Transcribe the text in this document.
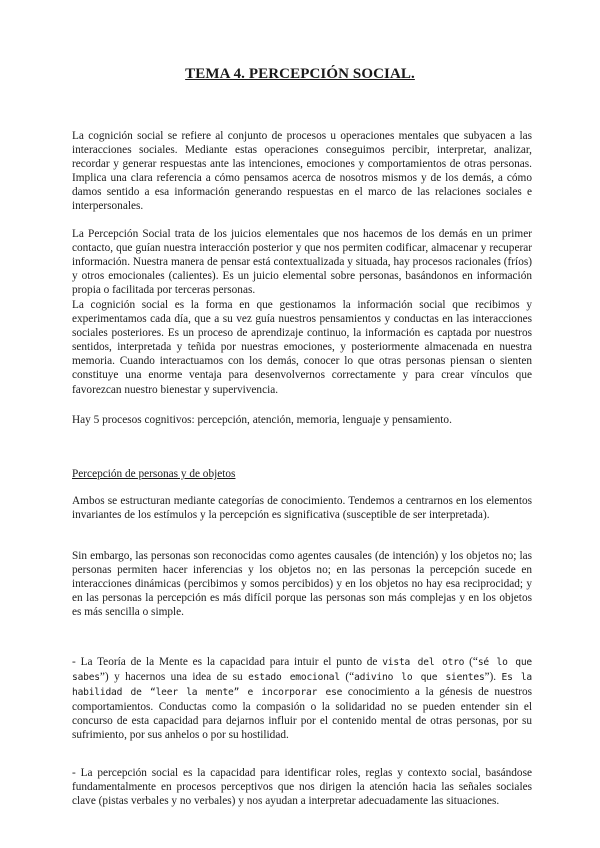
TEMA 4. PERCEPCIÓN SOCIAL.

La cognición social se refiere al conjunto de procesos u operaciones mentales que subyacen a las interacciones sociales. Mediante estas operaciones conseguimos percibir, interpretar, analizar, recordar y generar respuestas ante las intenciones, emociones y comportamientos de otras personas. Implica una clara referencia a cómo pensamos acerca de nosotros mismos y de los demás, a cómo damos sentido a esa información generando respuestas en el marco de las relaciones sociales e interpersonales.

La Percepción Social trata de los juicios elementales que nos hacemos de los demás en un primer contacto, que guían nuestra interacción posterior y que nos permiten codificar, almacenar y recuperar información. Nuestra manera de pensar está contextualizada y situada, hay procesos racionales (fríos) y otros emocionales (calientes). Es un juicio elemental sobre personas, basándonos en información propia o facilitada por terceras personas.

La cognición social es la forma en que gestionamos la información social que recibimos y experimentamos cada día, que a su vez guía nuestros pensamientos y conductas en las interacciones sociales posteriores. Es un proceso de aprendizaje continuo, la información es captada por nuestros sentidos, interpretada y teñida por nuestras emociones, y posteriormente almacenada en nuestra memoria. Cuando interactuamos con los demás, conocer lo que otras personas piensan o sienten constituye una enorme ventaja para desenvolvernos correctamente y para crear vínculos que favorezcan nuestro bienestar y supervivencia.

Hay 5 procesos cognitivos: percepción, atención, memoria, lenguaje y pensamiento.

Percepción de personas y de objetos

Ambos se estructuran mediante categorías de conocimiento. Tendemos a centrarnos en los elementos invariantes de los estímulos y la percepción es significativa (susceptible de ser interpretada).

Sin embargo, las personas son reconocidas como agentes causales (de intención) y los objetos no; las personas permiten hacer inferencias y los objetos no; en las personas la percepción sucede en interacciones dinámicas (percibimos y somos percibidos) y en los objetos no hay esa reciprocidad; y en las personas la percepción es más difícil porque las personas son más complejas y en los objetos es más sencilla o simple.

- La Teoría de la Mente es la capacidad para intuir el punto de vista del otro (“sé lo que sabes”) y hacernos una idea de su estado emocional (“adivino lo que sientes”). Es la habilidad de “leer la mente” e incorporar ese conocimiento a la génesis de nuestros comportamientos. Conductas como la compasión o la solidaridad no se pueden entender sin el concurso de esta capacidad para dejarnos influir por el contenido mental de otras personas, por su sufrimiento, por sus anhelos o por su hostilidad.

- La percepción social es la capacidad para identificar roles, reglas y contexto social, basándose fundamentalmente en procesos perceptivos que nos dirigen la atención hacia las señales sociales clave (pistas verbales y no verbales) y nos ayudan a interpretar adecuadamente las situaciones.
